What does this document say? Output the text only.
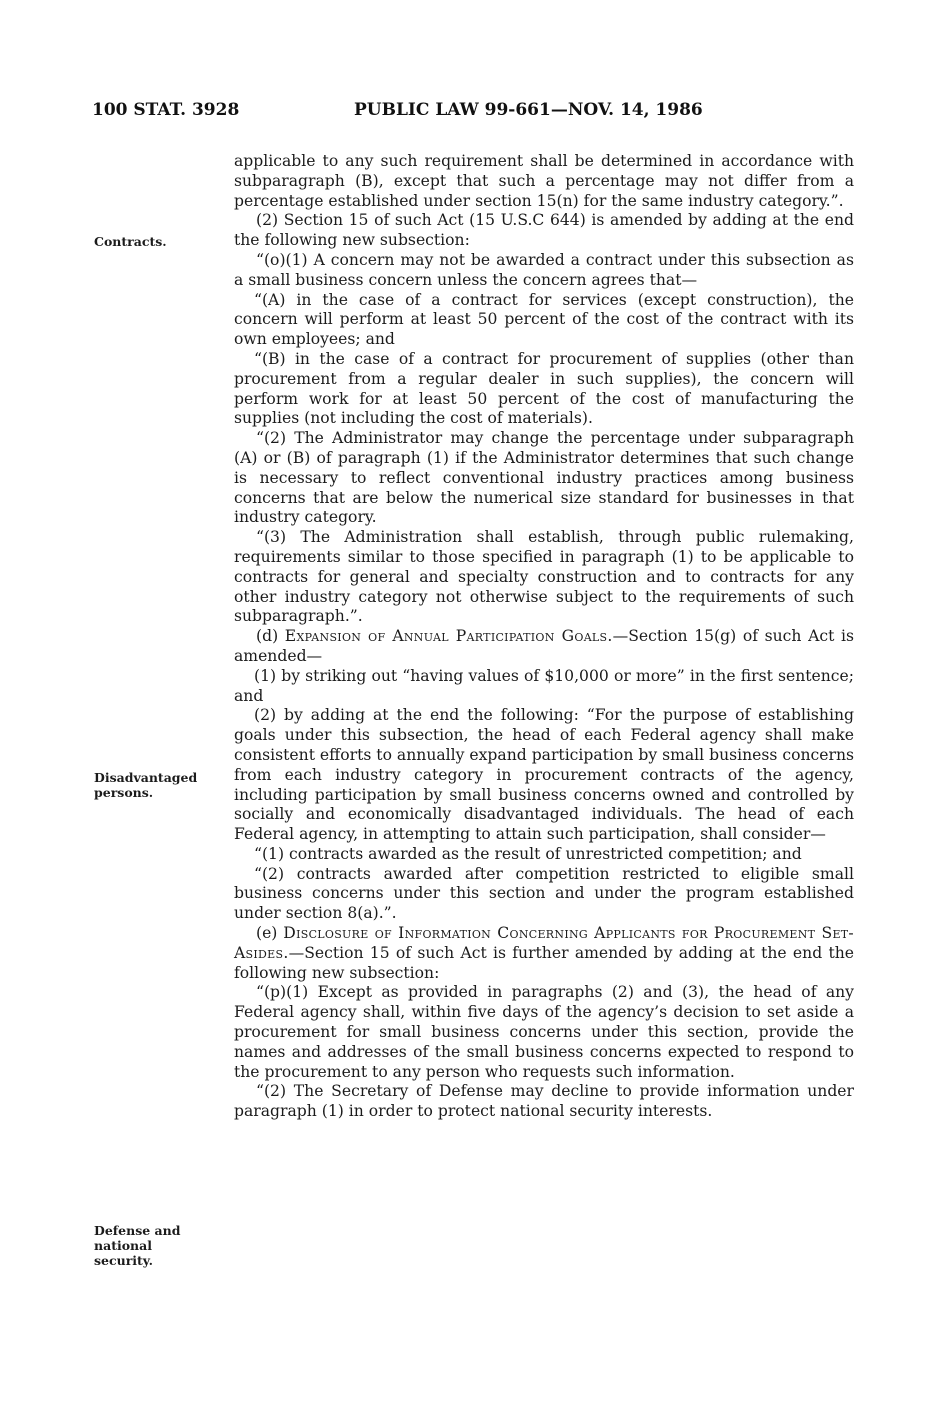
100 STAT. 3928	PUBLIC LAW 99-661—NOV. 14, 1986
Contracts.
Disadvantaged
persons.
Defense and
national
security.

applicable to any such requirement shall be determined in accordance with subparagraph (B), except that such a percentage may not differ from a percentage established under section 15(n) for the same industry category.”.

(2) Section 15 of such Act (15 U.S.C 644) is amended by adding at the end the following new subsection:

“(o)(1) A concern may not be awarded a contract under this subsection as a small business concern unless the concern agrees that—

“(A) in the case of a contract for services (except construction), the concern will perform at least 50 percent of the cost of the contract with its own employees; and

“(B) in the case of a contract for procurement of supplies (other than procurement from a regular dealer in such supplies), the concern will perform work for at least 50 percent of the cost of manufacturing the supplies (not including the cost of materials).

“(2) The Administrator may change the percentage under subparagraph (A) or (B) of paragraph (1) if the Administrator determines that such change is necessary to reflect conventional industry practices among business concerns that are below the numerical size standard for businesses in that industry category.

“(3) The Administration shall establish, through public rulemaking, requirements similar to those specified in paragraph (1) to be applicable to contracts for general and specialty construction and to contracts for any other industry category not otherwise subject to the requirements of such subparagraph.”.

(d) Expansion of Annual Participation Goals.—Section 15(g) of such Act is amended—

(1) by striking out “having values of $10,000 or more” in the first sentence; and

(2) by adding at the end the following: “For the purpose of establishing goals under this subsection, the head of each Federal agency shall make consistent efforts to annually expand participation by small business concerns from each industry category in procurement contracts of the agency, including participation by small business concerns owned and controlled by socially and economically disadvantaged individuals. The head of each Federal agency, in attempting to attain such participation, shall consider—

“(1) contracts awarded as the result of unrestricted competition; and

“(2) contracts awarded after competition restricted to eligible small business concerns under this section and under the program established under section 8(a).”.

(e) Disclosure of Information Concerning Applicants for Procurement Set-Asides.—Section 15 of such Act is further amended by adding at the end the following new subsection:

“(p)(1) Except as provided in paragraphs (2) and (3), the head of any Federal agency shall, within five days of the agency’s decision to set aside a procurement for small business concerns under this section, provide the names and addresses of the small business concerns expected to respond to the procurement to any person who requests such information.

“(2) The Secretary of Defense may decline to provide information under paragraph (1) in order to protect national security interests.
